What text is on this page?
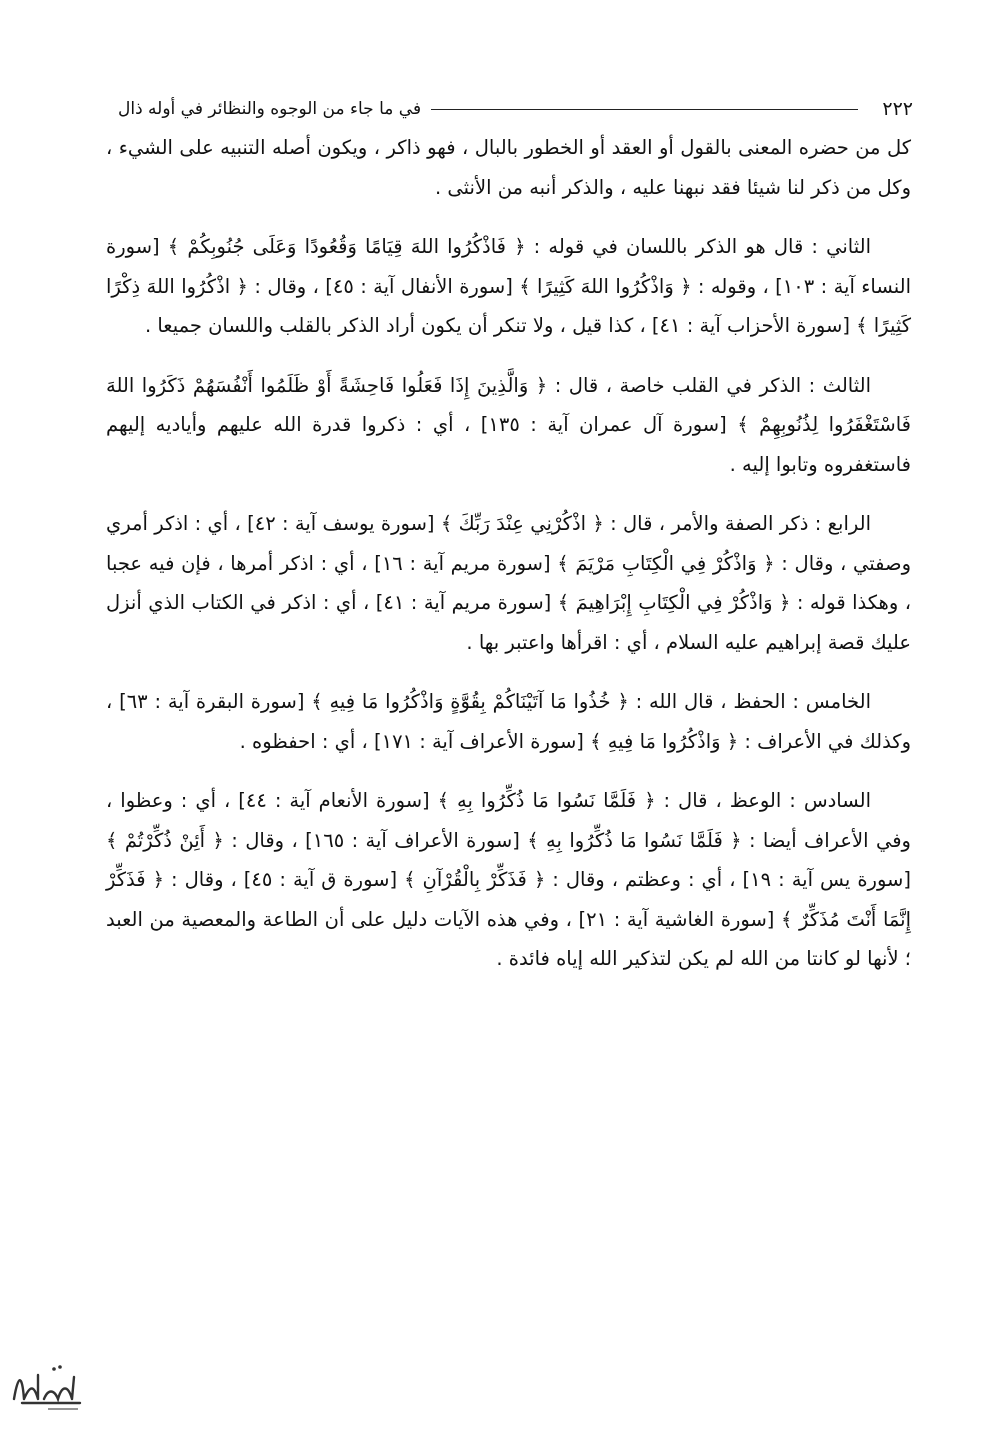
٢٢٢
في ما جاء من الوجوه والنظائر في أوله ذال

كل من حضره المعنى بالقول أو العقد أو الخطور بالبال ، فهو ذاكر ، ويكون أصله التنبيه على الشيء ، وكل من ذكر لنا شيئا فقد نبهنا عليه ، والذكر أنبه من الأنثى .

الثاني : قال هو الذكر باللسان في قوله : ﴿ فَاذْكُرُوا اللهَ قِيَامًا وَقُعُودًا وَعَلَى جُنُوبِكُمْ ﴾ [سورة النساء آية : ١٠٣] ، وقوله : ﴿ وَاذْكُرُوا اللهَ كَثِيرًا ﴾ [سورة الأنفال آية : ٤٥] ، وقال : ﴿ اذْكُرُوا اللهَ ذِكْرًا كَثِيرًا ﴾ [سورة الأحزاب آية : ٤١] ، كذا قيل ، ولا تنكر أن يكون أراد الذكر بالقلب واللسان جميعا .

الثالث : الذكر في القلب خاصة ، قال : ﴿ وَالَّذِينَ إِذَا فَعَلُوا فَاحِشَةً أَوْ ظَلَمُوا أَنْفُسَهُمْ ذَكَرُوا اللهَ فَاسْتَغْفَرُوا لِذُنُوبِهِمْ ﴾ [سورة آل عمران آية : ١٣٥] ، أي : ذكروا قدرة الله عليهم وأياديه إليهم فاستغفروه وتابوا إليه .

الرابع : ذكر الصفة والأمر ، قال : ﴿ اذْكُرْنِي عِنْدَ رَبِّكَ ﴾ [سورة يوسف آية : ٤٢] ، أي : اذكر أمري وصفتي ، وقال : ﴿ وَاذْكُرْ فِي الْكِتَابِ مَرْيَمَ ﴾ [سورة مريم آية : ١٦] ، أي : اذكر أمرها ، فإن فيه عجبا ، وهكذا قوله : ﴿ وَاذْكُرْ فِي الْكِتَابِ إِبْرَاهِيمَ ﴾ [سورة مريم آية : ٤١] ، أي : اذكر في الكتاب الذي أنزل عليك قصة إبراهيم عليه السلام ، أي : اقرأها واعتبر بها .

الخامس : الحفظ ، قال الله : ﴿ خُذُوا مَا آتَيْنَاكُمْ بِقُوَّةٍ وَاذْكُرُوا مَا فِيهِ ﴾ [سورة البقرة آية : ٦٣] ، وكذلك في الأعراف : ﴿ وَاذْكُرُوا مَا فِيهِ ﴾ [سورة الأعراف آية : ١٧١] ، أي : احفظوه .

السادس : الوعظ ، قال : ﴿ فَلَمَّا نَسُوا مَا ذُكِّرُوا بِهِ ﴾ [سورة الأنعام آية : ٤٤] ، أي : وعظوا ، وفي الأعراف أيضا : ﴿ فَلَمَّا نَسُوا مَا ذُكِّرُوا بِهِ ﴾ [سورة الأعراف آية : ١٦٥] ، وقال : ﴿ أَئِنْ ذُكِّرْتُمْ ﴾ [سورة يس آية : ١٩] ، أي : وعظتم ، وقال : ﴿ فَذَكِّرْ بِالْقُرْآنِ ﴾ [سورة ق آية : ٤٥] ، وقال : ﴿ فَذَكِّرْ إِنَّمَا أَنْتَ مُذَكِّرٌ ﴾ [سورة الغاشية آية : ٢١] ، وفي هذه الآيات دليل على أن الطاعة والمعصية من العبد ؛ لأنها لو كانتا من الله لم يكن لتذكير الله إياه فائدة .
